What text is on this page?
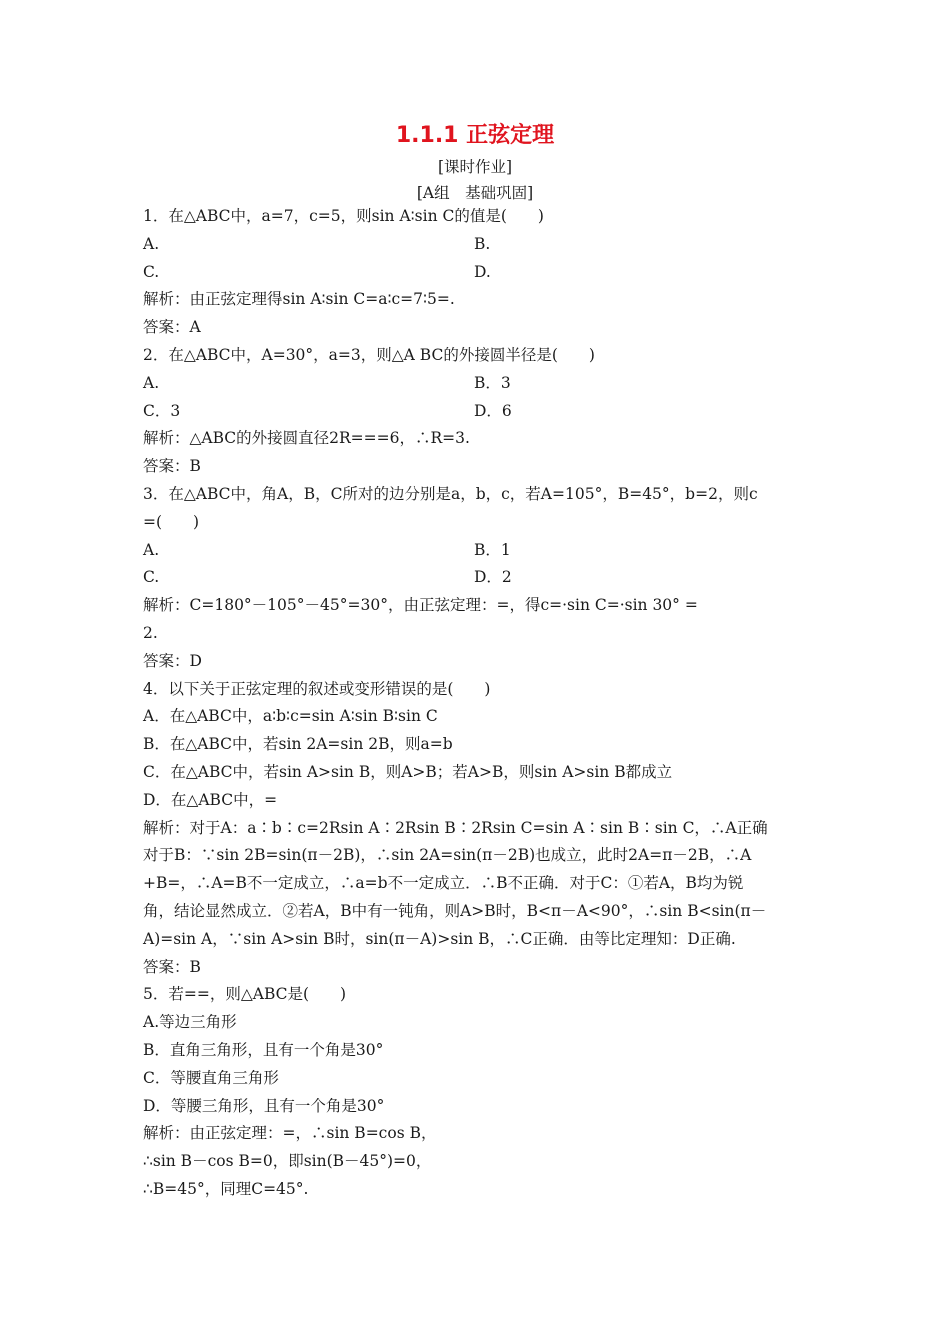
1.1.1 正弦定理
[课时作业]
[A组　基础巩固]
1．在△ABC中，a=7，c=5，则sin A∶sin C的值是(　　)
A.	B.
C.	D.
解析：由正弦定理得sin A∶sin C=a∶c=7∶5=.
答案：A
2．在△ABC中，A=30°，a=3，则△A BC的外接圆半径是(　　)
A.	B．3
C．3	D．6
解析：△ABC的外接圆直径2R===6，∴R=3.
答案：B
3．在△ABC中，角A，B，C所对的边分别是a，b，c，若A=105°，B=45°，b=2，则c
=(　　)
A.	B．1
C.	D．2
解析：C=180°－105°－45°=30°，由正弦定理：=，得c=·sin C=·sin 30° =
2.
答案：D
4．以下关于正弦定理的叙述或变形错误的是(　　)
A．在△ABC中，a∶b∶c=sin A∶sin B∶sin C
B．在△ABC中，若sin 2A=sin 2B，则a=b
C．在△ABC中，若sin A>sin B，则A>B；若A>B，则sin A>sin B都成立
D．在△ABC中，=
解析：对于A：a∶b∶c=2Rsin A∶2Rsin B∶2Rsin C=sin A∶sin B∶sin C，∴A正确
对于B：∵sin 2B=sin(π－2B)，∴sin 2A=sin(π－2B)也成立，此时2A=π－2B，∴A
+B=，∴A=B不一定成立，∴a=b不一定成立．∴B不正确．对于C：①若A，B均为锐
角，结论显然成立．②若A，B中有一钝角，则A>B时，B<π－A<90°，∴sin B<sin(π－
A)=sin A，∵sin A>sin B时，sin(π－A)>sin B，∴C正确．由等比定理知：D正确.
答案：B
5．若==，则△ABC是(　　)
A.等边三角形
B．直角三角形，且有一个角是30°
C．等腰直角三角形
D．等腰三角形，且有一个角是30°
解析：由正弦定理：=，∴sin B=cos B，
∴sin B－cos B=0，即sin(B－45°)=0，
∴B=45°，同理C=45°.
